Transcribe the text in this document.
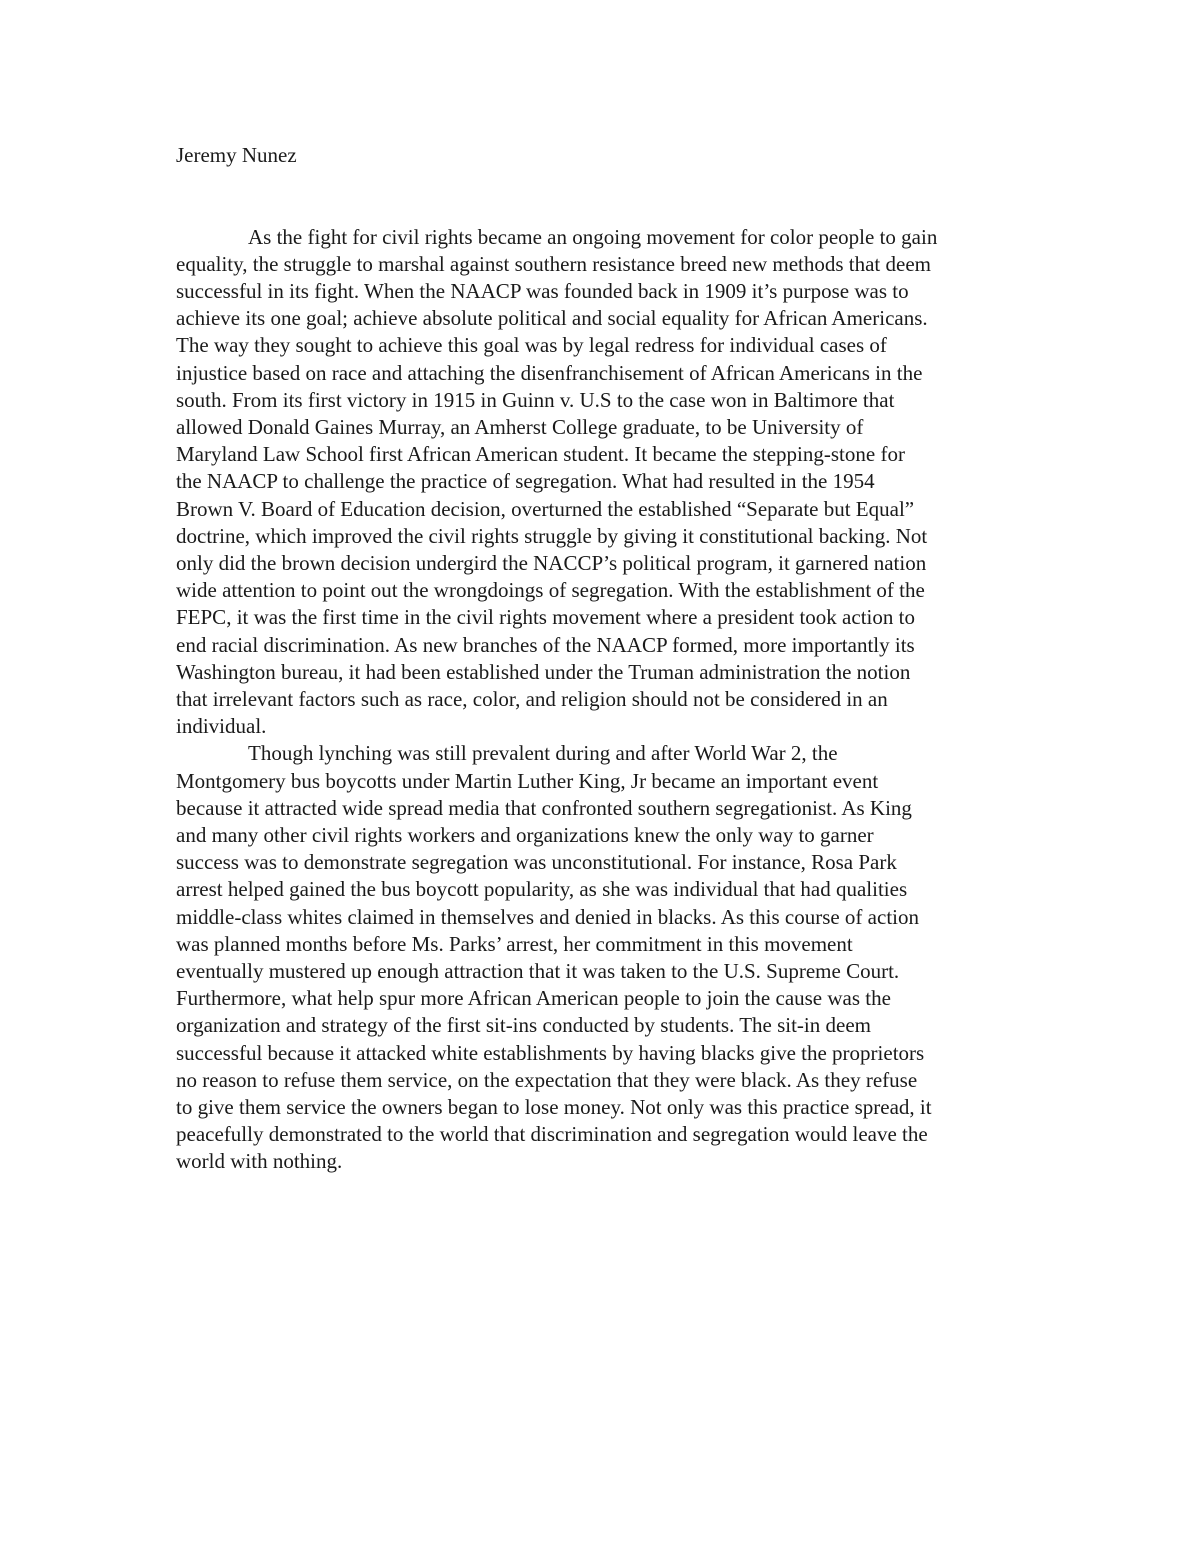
Jeremy Nunez

As the fight for civil rights became an ongoing movement for color people to gain
equality, the struggle to marshal against southern resistance breed new methods that deem
successful in its fight. When the NAACP was founded back in 1909 it’s purpose was to
achieve its one goal; achieve absolute political and social equality for African Americans.
The way they sought to achieve this goal was by legal redress for individual cases of
injustice based on race and attaching the disenfranchisement of African Americans in the
south. From its first victory in 1915 in Guinn v. U.S to the case won in Baltimore that
allowed Donald Gaines Murray, an Amherst College graduate, to be University of
Maryland Law School first African American student. It became the stepping-stone for
the NAACP to challenge the practice of segregation. What had resulted in the 1954
Brown V. Board of Education decision, overturned the established “Separate but Equal”
doctrine, which improved the civil rights struggle by giving it constitutional backing. Not
only did the brown decision undergird the NACCP’s political program, it garnered nation
wide attention to point out the wrongdoings of segregation. With the establishment of the
FEPC, it was the first time in the civil rights movement where a president took action to
end racial discrimination. As new branches of the NAACP formed, more importantly its
Washington bureau, it had been established under the Truman administration the notion
that irrelevant factors such as race, color, and religion should not be considered in an
individual.

Though lynching was still prevalent during and after World War 2, the
Montgomery bus boycotts under Martin Luther King, Jr became an important event
because it attracted wide spread media that confronted southern segregationist. As King
and many other civil rights workers and organizations knew the only way to garner
success was to demonstrate segregation was unconstitutional. For instance, Rosa Park
arrest helped gained the bus boycott popularity, as she was individual that had qualities
middle-class whites claimed in themselves and denied in blacks. As this course of action
was planned months before Ms. Parks’ arrest, her commitment in this movement
eventually mustered up enough attraction that it was taken to the U.S. Supreme Court.
Furthermore, what help spur more African American people to join the cause was the
organization and strategy of the first sit-ins conducted by students. The sit-in deem
successful because it attacked white establishments by having blacks give the proprietors
no reason to refuse them service, on the expectation that they were black. As they refuse
to give them service the owners began to lose money. Not only was this practice spread, it
peacefully demonstrated to the world that discrimination and segregation would leave the
world with nothing.
